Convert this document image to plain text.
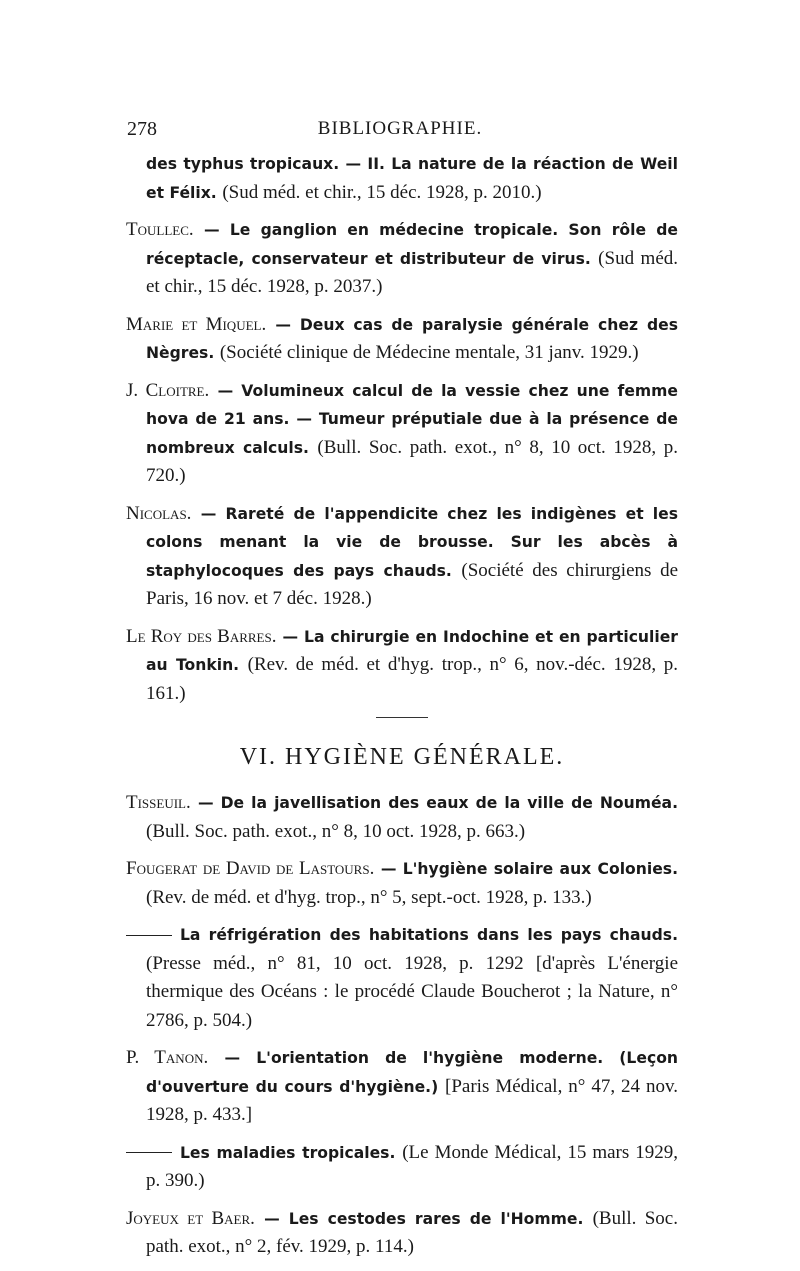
278	BIBLIOGRAPHIE.

des typhus tropicaux. — II. La nature de la réaction de Weil et Félix. (Sud méd. et chir., 15 déc. 1928, p. 2010.)

Toullec. — Le ganglion en médecine tropicale. Son rôle de réceptacle, conservateur et distributeur de virus. (Sud méd. et chir., 15 déc. 1928, p. 2037.)

Marie et Miquel. — Deux cas de paralysie générale chez des Nègres. (Société clinique de Médecine mentale, 31 janv. 1929.)

J. Cloitre. — Volumineux calcul de la vessie chez une femme hova de 21 ans. — Tumeur préputiale due à la présence de nombreux calculs. (Bull. Soc. path. exot., n° 8, 10 oct. 1928, p. 720.)

Nicolas. — Rareté de l'appendicite chez les indigènes et les colons menant la vie de brousse. Sur les abcès à staphylocoques des pays chauds. (Société des chirurgiens de Paris, 16 nov. et 7 déc. 1928.)

Le Roy des Barres. — La chirurgie en Indochine et en particulier au Tonkin. (Rev. de méd. et d'hyg. trop., n° 6, nov.-déc. 1928, p. 161.)

VI. HYGIÈNE GÉNÉRALE.

Tisseuil. — De la javellisation des eaux de la ville de Nouméa. (Bull. Soc. path. exot., n° 8, 10 oct. 1928, p. 663.)

Fougerat de David de Lastours. — L'hygiène solaire aux Colonies. (Rev. de méd. et d'hyg. trop., n° 5, sept.-oct. 1928, p. 133.)

La réfrigération des habitations dans les pays chauds. (Presse méd., n° 81, 10 oct. 1928, p. 1292 [d'après L'énergie thermique des Océans : le procédé Claude Boucherot ; la Nature, n° 2786, p. 504.)

P. Tanon. — L'orientation de l'hygiène moderne. (Leçon d'ouverture du cours d'hygiène.) [Paris Médical, n° 47, 24 nov. 1928, p. 433.]

Les maladies tropicales. (Le Monde Médical, 15 mars 1929, p. 390.)

Joyeux et Baer. — Les cestodes rares de l'Homme. (Bull. Soc. path. exot., n° 2, fév. 1929, p. 114.)
